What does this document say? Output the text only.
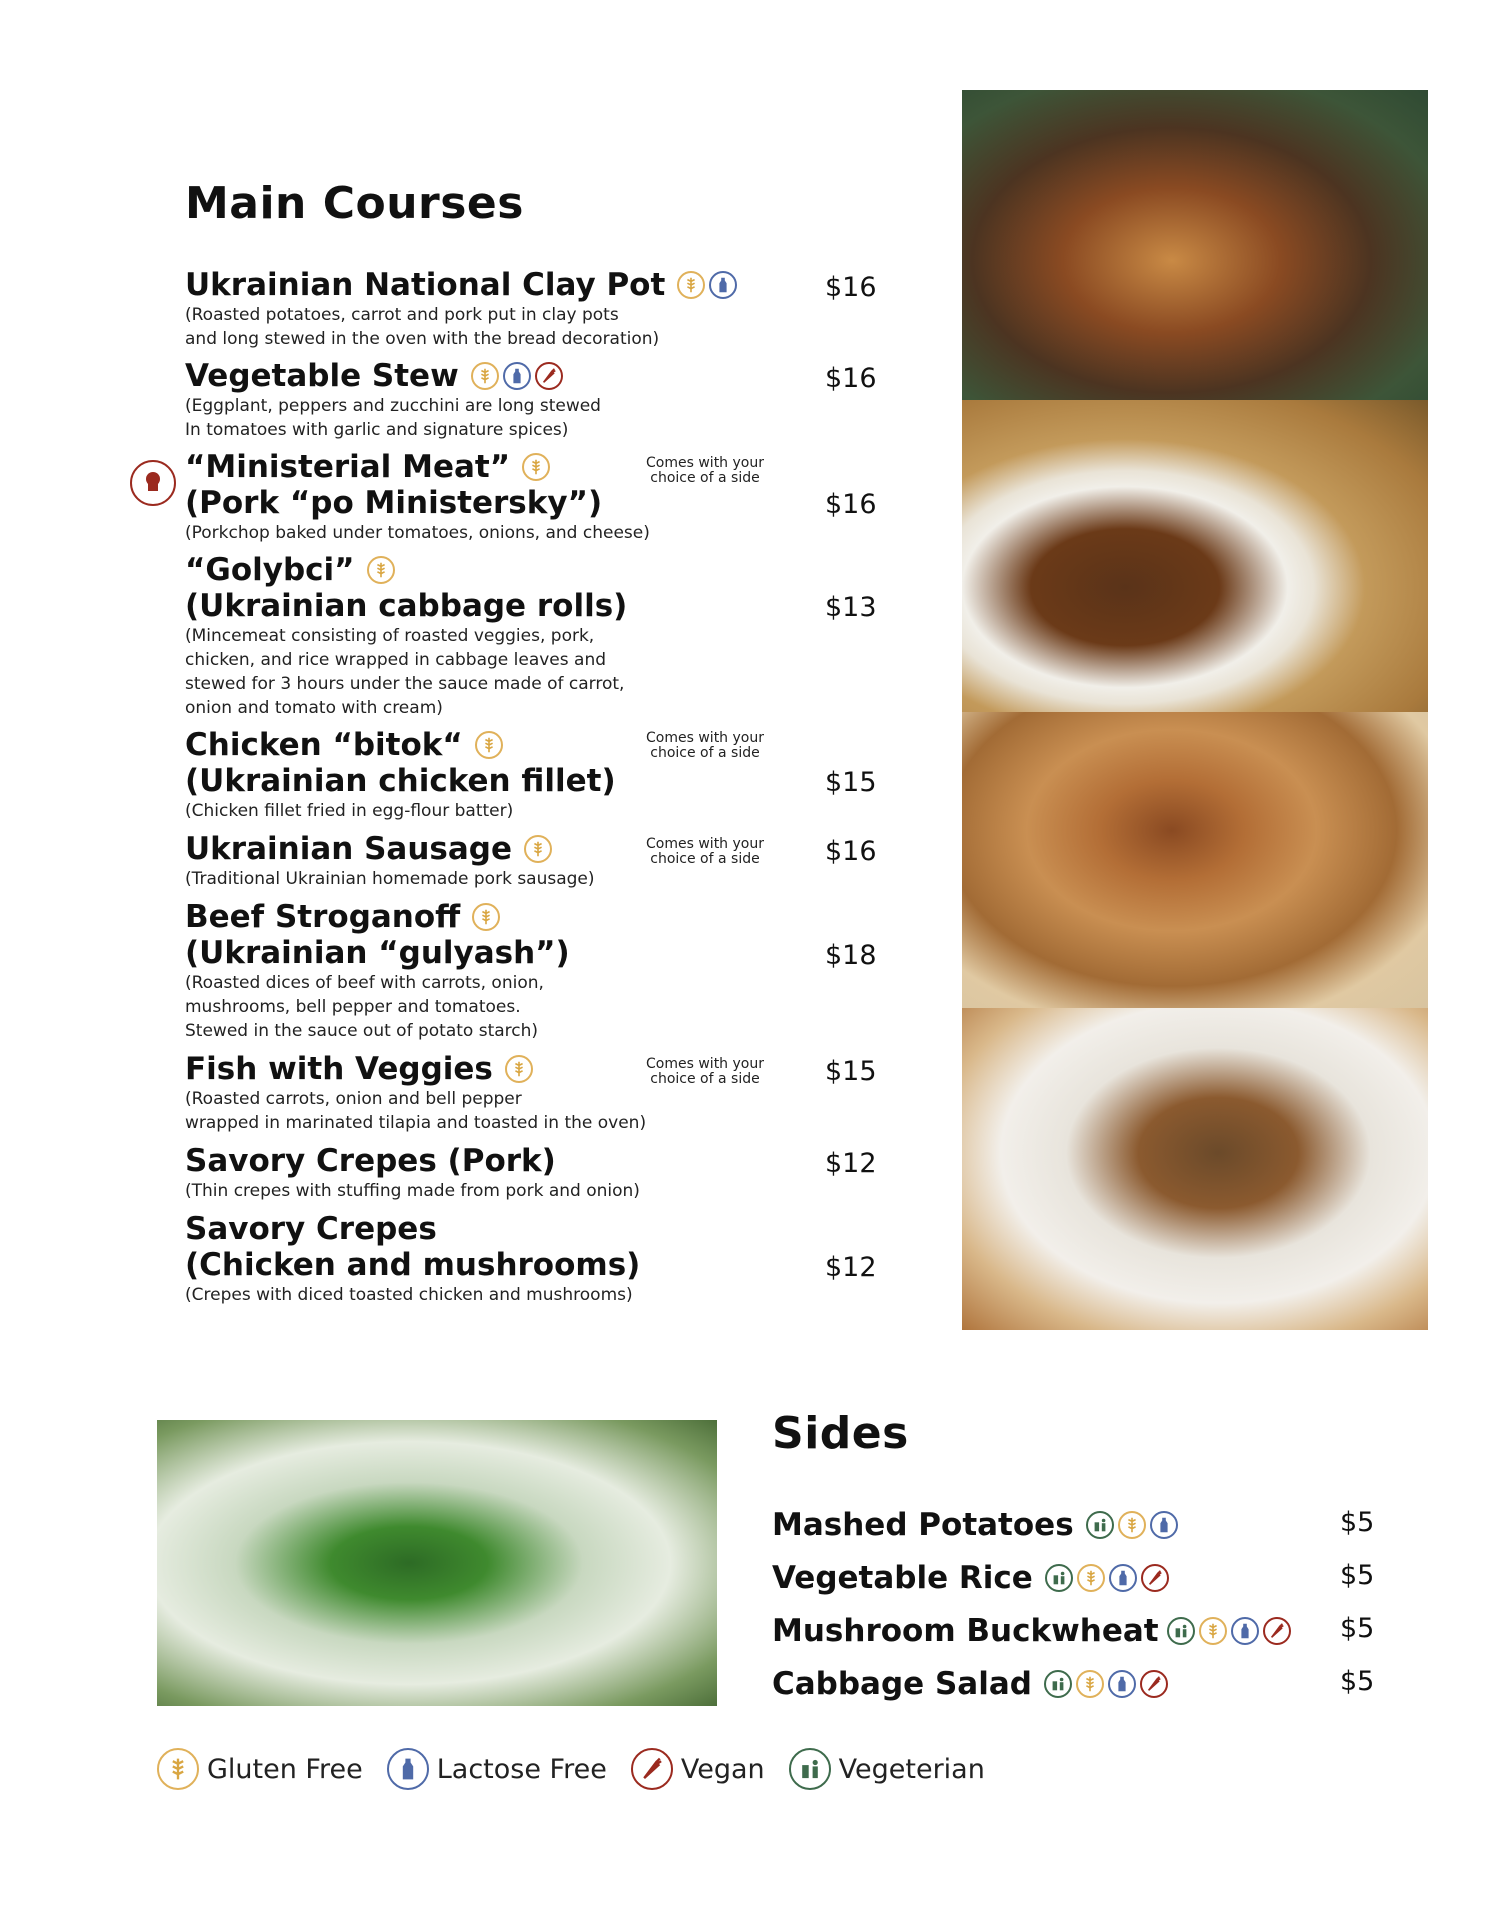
Main Courses
Ukrainian National Clay Pot
(Roasted potatoes, carrot and pork put in clay pots
and long stewed in the oven with the bread decoration)
$16
Vegetable Stew
(Eggplant, peppers and zucchini are long stewed
In tomatoes with garlic and signature spices)
$16
“Ministerial Meat”
(Pork “po Ministersky”)
(Porkchop baked under tomatoes, onions, and cheese)
Comes with your
choice of a side
$16
“Golybci”
(Ukrainian cabbage rolls)
(Mincemeat consisting of roasted veggies, pork,
chicken, and rice wrapped in cabbage leaves and
stewed for 3 hours under the sauce made of carrot,
onion and tomato with cream)
$13
Chicken “bitok“
(Ukrainian chicken fillet)
(Chicken fillet fried in egg-flour batter)
Comes with your
choice of a side
$15
Ukrainian Sausage
(Traditional Ukrainian homemade pork sausage)
Comes with your
choice of a side	$16
Beef Stroganoff
(Ukrainian “gulyash”)
(Roasted dices of beef with carrots, onion,
mushrooms, bell pepper and tomatoes.
Stewed in the sauce out of potato starch)
$18
Fish with Veggies
(Roasted carrots, onion and bell pepper
wrapped in marinated tilapia and toasted in the oven)
Comes with your
choice of a side	$15
Savory Crepes (Pork)
(Thin crepes with stuffing made from pork and onion)
$12
Savory Crepes
(Chicken and mushrooms)
(Crepes with diced toasted chicken and mushrooms)
$12
Sides
Mashed Potatoes	$5
Vegetable Rice	$5
Mushroom Buckwheat	$5
Cabbage Salad	$5
Gluten Free	Lactose Free	Vegan	Vegeterian
